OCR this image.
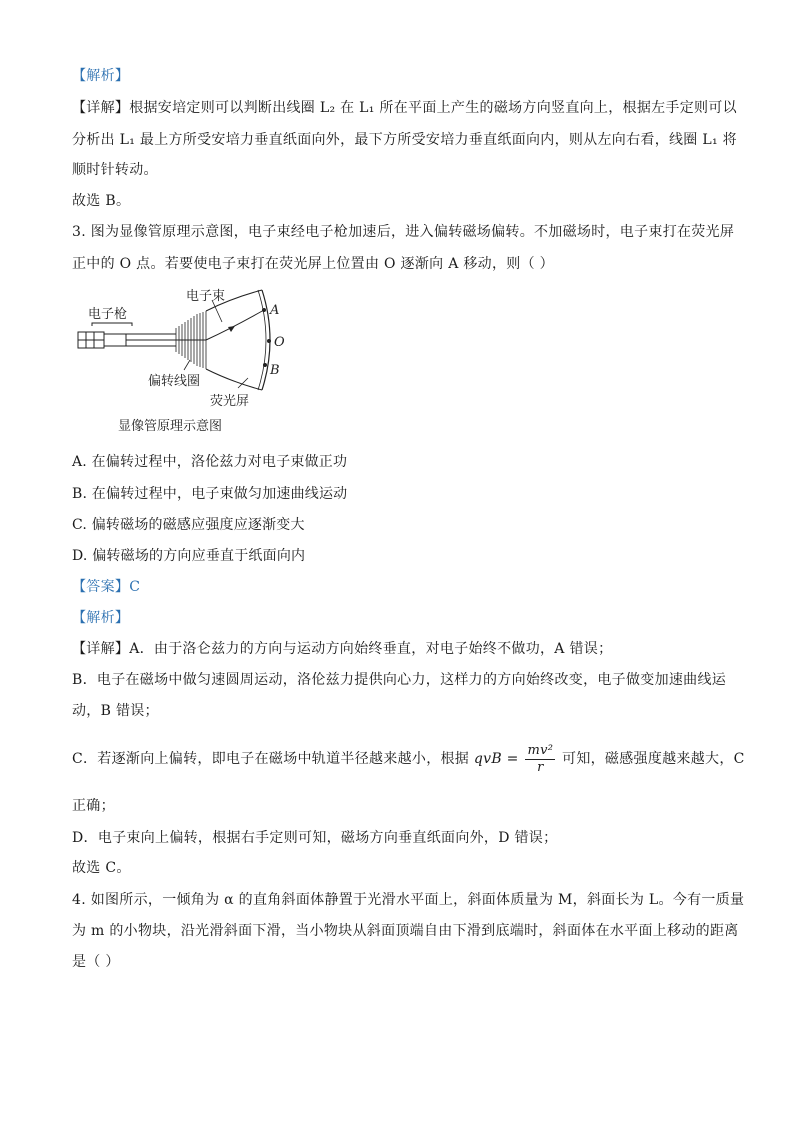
【解析】
【详解】根据安培定则可以判断出线圈 L₂ 在 L₁ 所在平面上产生的磁场方向竖直向上，根据左手定则可以
分析出 L₁ 最上方所受安培力垂直纸面向外，最下方所受安培力垂直纸面向内，则从左向右看，线圈 L₁ 将
顺时针转动。
故选 B。
3. 图为显像管原理示意图，电子束经电子枪加速后，进入偏转磁场偏转。不加磁场时，电子束打在荧光屏
正中的 O 点。若要使电子束打在荧光屏上位置由 O 逐渐向 A 移动，则（ ）
电子枪
电子束
偏转线圈
荧光屏
A
O
B
显像管原理示意图
A. 在偏转过程中，洛伦兹力对电子束做正功
B. 在偏转过程中，电子束做匀加速曲线运动
C. 偏转磁场的磁感应强度应逐渐变大
D. 偏转磁场的方向应垂直于纸面向内
【答案】C
【解析】
【详解】A．由于洛仑兹力的方向与运动方向始终垂直，对电子始终不做功，A 错误；
B．电子在磁场中做匀速圆周运动，洛伦兹力提供向心力，这样力的方向始终改变，电子做变加速曲线运
动，B 错误；
C．若逐渐向上偏转，即电子在磁场中轨道半径越来越小，根据 qvB = $\frac{\text{mv²}}{r}$ 可知，磁感强度越来越大，C
正确；
D．电子束向上偏转，根据右手定则可知，磁场方向垂直纸面向外，D 错误；
故选 C。
4. 如图所示，一倾角为 α 的直角斜面体静置于光滑水平面上，斜面体质量为 M，斜面长为 L。今有一质量
为 m 的小物块，沿光滑斜面下滑，当小物块从斜面顶端自由下滑到底端时，斜面体在水平面上移动的距离
是（ ）
